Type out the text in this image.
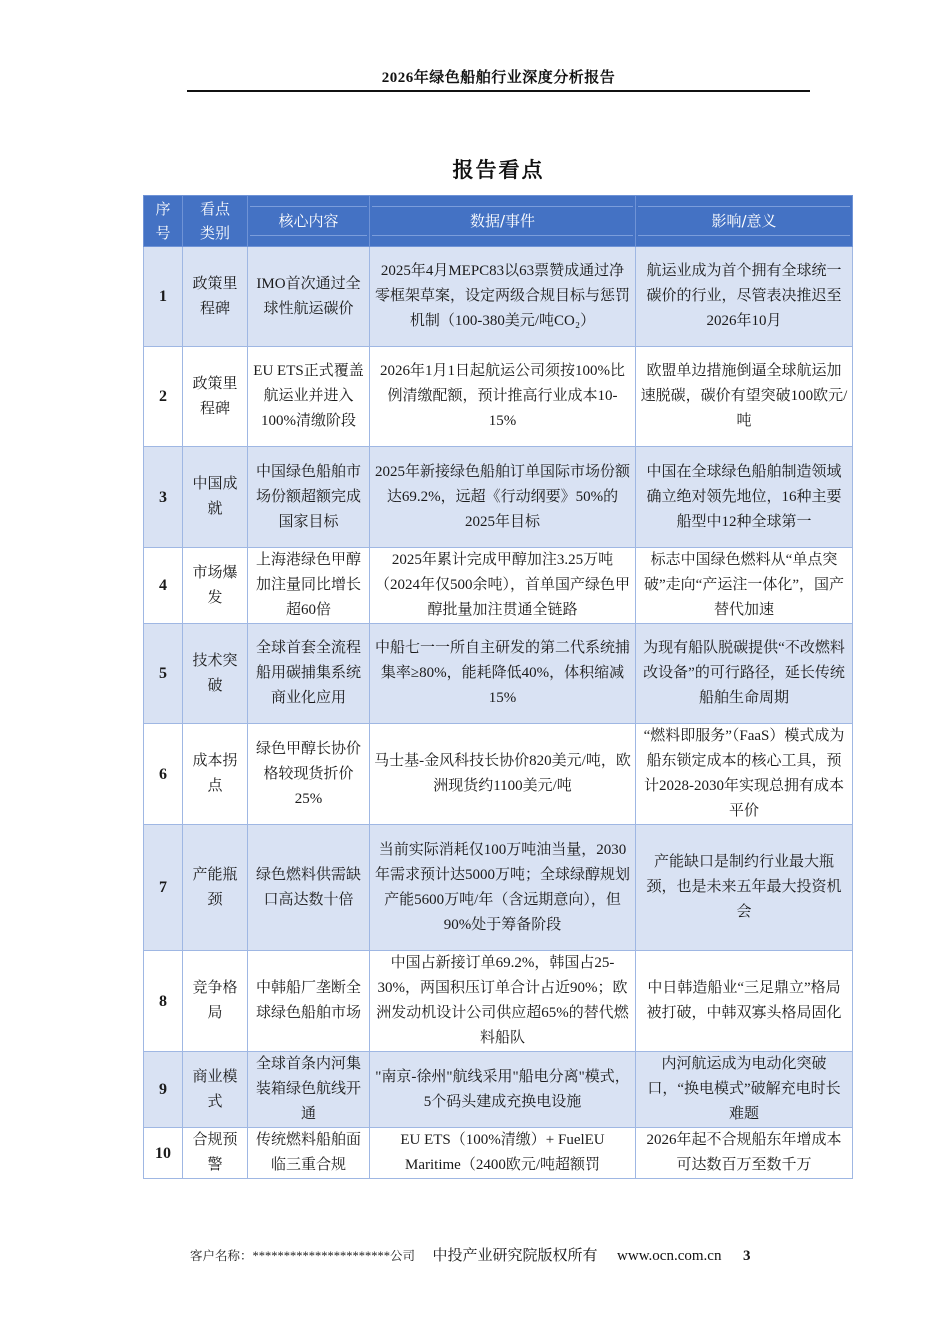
2026年绿色船舶行业深度分析报告
报告看点
序号	看点类别	核心内容	数据/事件	影响/意义

1	政策里程碑	IMO首次通过全球性航运碳价	2025年4月MEPC83以63票赞成通过净零框架草案，设定两级合规目标与惩罚机制（100-380美元/吨CO₂）	航运业成为首个拥有全球统一碳价的行业，尽管表决推迟至2026年10月
2	政策里程碑	EU ETS正式覆盖航运业并进入100%清缴阶段	2026年1月1日起航运公司须按100%比例清缴配额，预计推高行业成本10-15%	欧盟单边措施倒逼全球航运加速脱碳，碳价有望突破100欧元/吨
3	中国成就	中国绿色船舶市场份额超额完成国家目标	2025年新接绿色船舶订单国际市场份额达69.2%，远超《行动纲要》50%的2025年目标	中国在全球绿色船舶制造领域确立绝对领先地位，16种主要船型中12种全球第一
4	市场爆发	上海港绿色甲醇加注量同比增长超60倍	2025年累计完成甲醇加注3.25万吨（2024年仅500余吨），首单国产绿色甲醇批量加注贯通全链路	标志中国绿色燃料从“单点突破”走向“产运注一体化”，国产替代加速
5	技术突破	全球首套全流程船用碳捕集系统商业化应用	中船七一一所自主研发的第二代系统捕集率≥80%，能耗降低40%，体积缩减15%	为现有船队脱碳提供“不改燃料改设备”的可行路径，延长传统船舶生命周期
6	成本拐点	绿色甲醇长协价格较现货折价25%	马士基-金风科技长协价820美元/吨，欧洲现货约1100美元/吨	“燃料即服务”（FaaS）模式成为船东锁定成本的核心工具，预计2028-2030年实现总拥有成本平价
7	产能瓶颈	绿色燃料供需缺口高达数十倍	当前实际消耗仅100万吨油当量，2030年需求预计达5000万吨；全球绿醇规划产能5600万吨/年（含远期意向），但90%处于筹备阶段	产能缺口是制约行业最大瓶颈，也是未来五年最大投资机会
8	竞争格局	中韩船厂垄断全球绿色船舶市场	中国占新接订单69.2%，韩国占25-30%，两国积压订单合计占近90%；欧洲发动机设计公司供应超65%的替代燃料船队	中日韩造船业“三足鼎立”格局被打破，中韩双寡头格局固化
9	商业模式	全球首条内河集装箱绿色航线开通	"南京-徐州"航线采用"船电分离"模式，5个码头建成充换电设施	内河航运成为电动化突破口，“换电模式”破解充电时长难题
10	合规预警	传统燃料船舶面临三重合规	EU ETS（100%清缴）+ FuelEU Maritime（2400欧元/吨超额罚	2026年起不合规船东年增成本可达数百万至数千万
客户名称：**********************公司 中投产业研究院版权所有 www.ocn.com.cn 3
